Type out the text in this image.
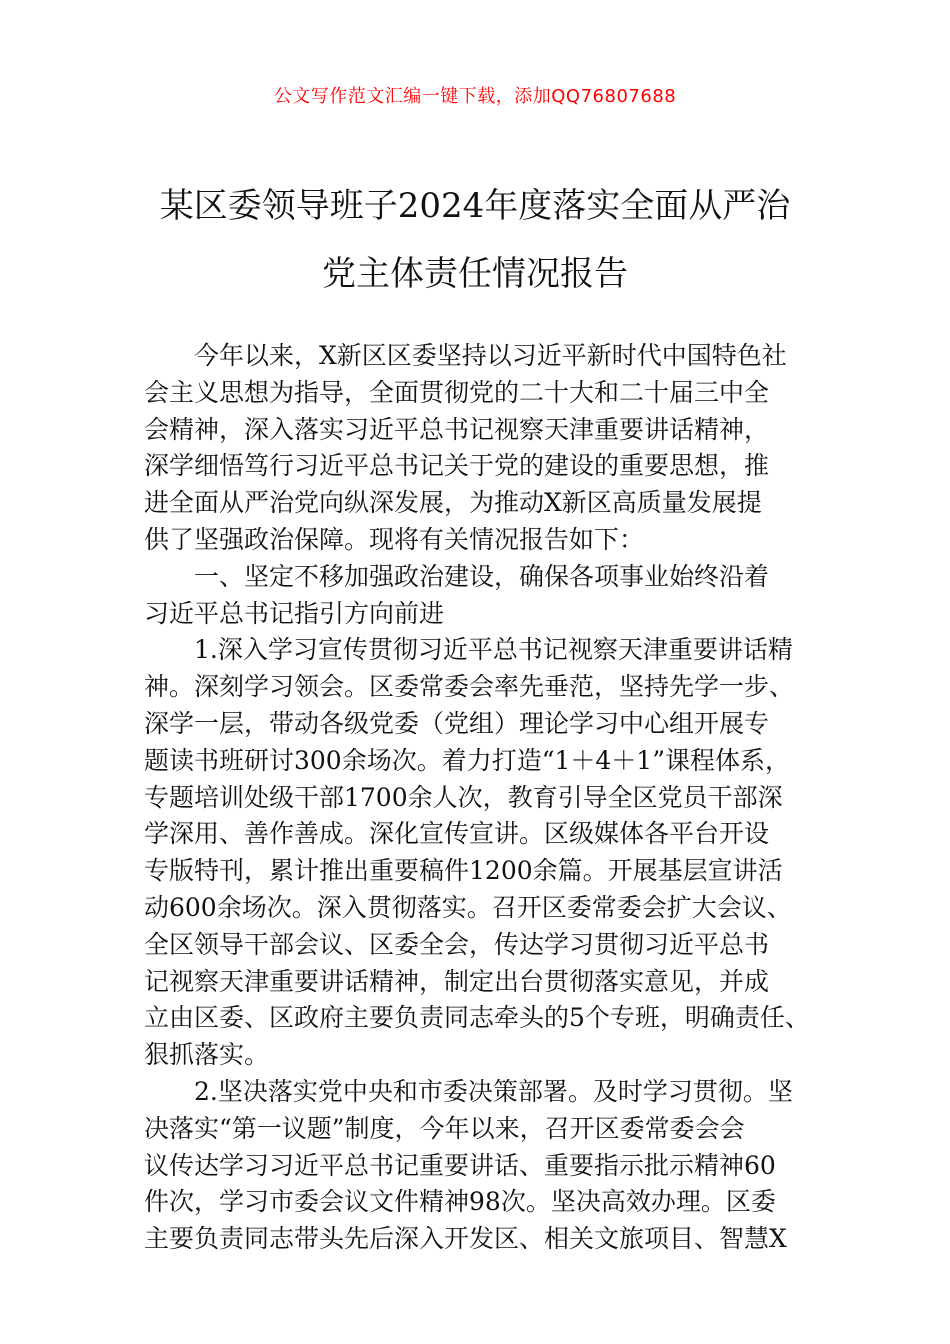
公文写作范文汇编一键下载，添加QQ76807688
某区委领导班子2024年度落实全面从严治
党主体责任情况报告
今年以来，X新区区委坚持以习近平新时代中国特色社
会主义思想为指导，全面贯彻党的二十大和二十届三中全
会精神，深入落实习近平总书记视察天津重要讲话精神，
深学细悟笃行习近平总书记关于党的建设的重要思想，推
进全面从严治党向纵深发展，为推动X新区高质量发展提
供了坚强政治保障。现将有关情况报告如下：
一、坚定不移加强政治建设，确保各项事业始终沿着
习近平总书记指引方向前进
1.深入学习宣传贯彻习近平总书记视察天津重要讲话精
神。深刻学习领会。区委常委会率先垂范，坚持先学一步、
深学一层，带动各级党委（党组）理论学习中心组开展专
题读书班研讨300余场次。着力打造“1＋4＋1”课程体系，
专题培训处级干部1700余人次，教育引导全区党员干部深
学深用、善作善成。深化宣传宣讲。区级媒体各平台开设
专版特刊，累计推出重要稿件1200余篇。开展基层宣讲活
动600余场次。深入贯彻落实。召开区委常委会扩大会议、
全区领导干部会议、区委全会，传达学习贯彻习近平总书
记视察天津重要讲话精神，制定出台贯彻落实意见，并成
立由区委、区政府主要负责同志牵头的5个专班，明确责任、
狠抓落实。
2.坚决落实党中央和市委决策部署。及时学习贯彻。坚
决落实“第一议题”制度，今年以来，召开区委常委会会
议传达学习习近平总书记重要讲话、重要指示批示精神60
件次，学习市委会议文件精神98次。坚决高效办理。区委
主要负责同志带头先后深入开发区、相关文旅项目、智慧X
